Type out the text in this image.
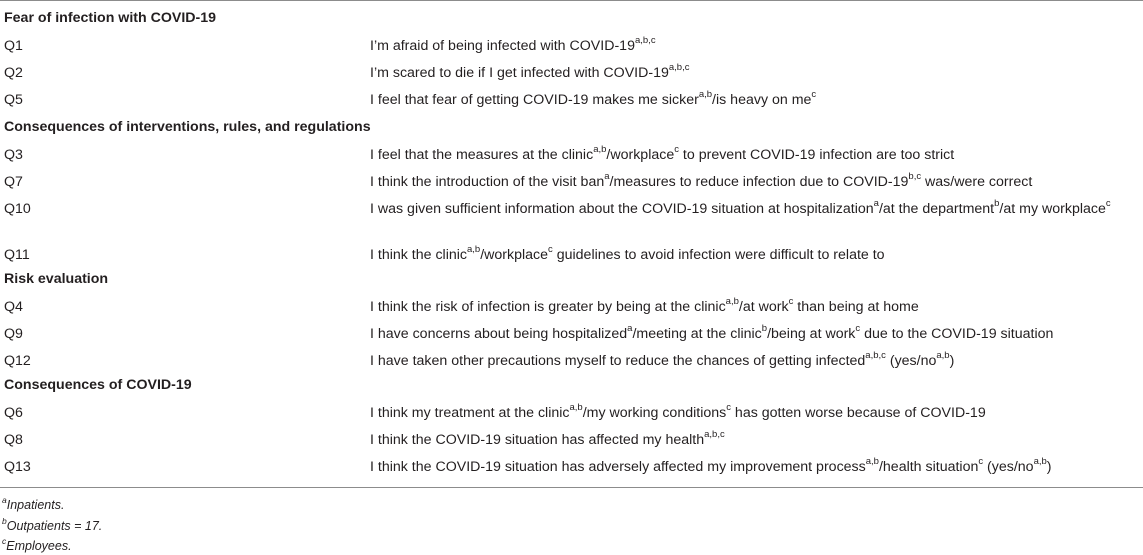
Fear of infection with COVID-19
Q1	I’m afraid of being infected with COVID-19$^{a,b,c}$
Q2	I’m scared to die if I get infected with COVID-19$^{a,b,c}$
Q5	I feel that fear of getting COVID-19 makes me sicker$^{a,b}$/is heavy on $me^c$
Consequences of interventions, rules, and regulations
Q3	I feel that the measures at the clinic$^{a,b}$/workplace$^c$ to prevent COVID-19 infection are too strict
Q7	I think the introduction of the visit ban$^a$/measures to reduce infection due to COVID-19$^{b,c}$ was/were correct
Q10	I was given sufficient information about the COVID-19 situation at hospitalization$^a$/at the department$^b$/at my workplace$^c$
Q11	I think the clinic$^{a,b}$/workplace$^c$ guidelines to avoid infection were difficult to relate to
Risk evaluation
Q4	I think the risk of infection is greater by being at the clinic$^{a,b}$/at work$^c$ than being at home
Q9	I have concerns about being hospitalized$^a$/meeting at the clinic$^b$/being at work$^c$ due to the COVID-19 situation
Q12	I have taken other precautions myself to reduce the chances of getting infected$^{a,b,c}$ (yes/no$^{a,b}$)
Consequences of COVID-19
Q6	I think my treatment at the clinic$^{a,b}$/my working conditions$^c$ has gotten worse because of COVID-19
Q8	I think the COVID-19 situation has affected my health$^{a,b,c}$
Q13	I think the COVID-19 situation has adversely affected my improvement process$^{a,b}$/health situation$^c$ (yes/no$^{a,b}$)
$^a$Inpatients.
$^b$Outpatients = 17.
$^c$Employees.
